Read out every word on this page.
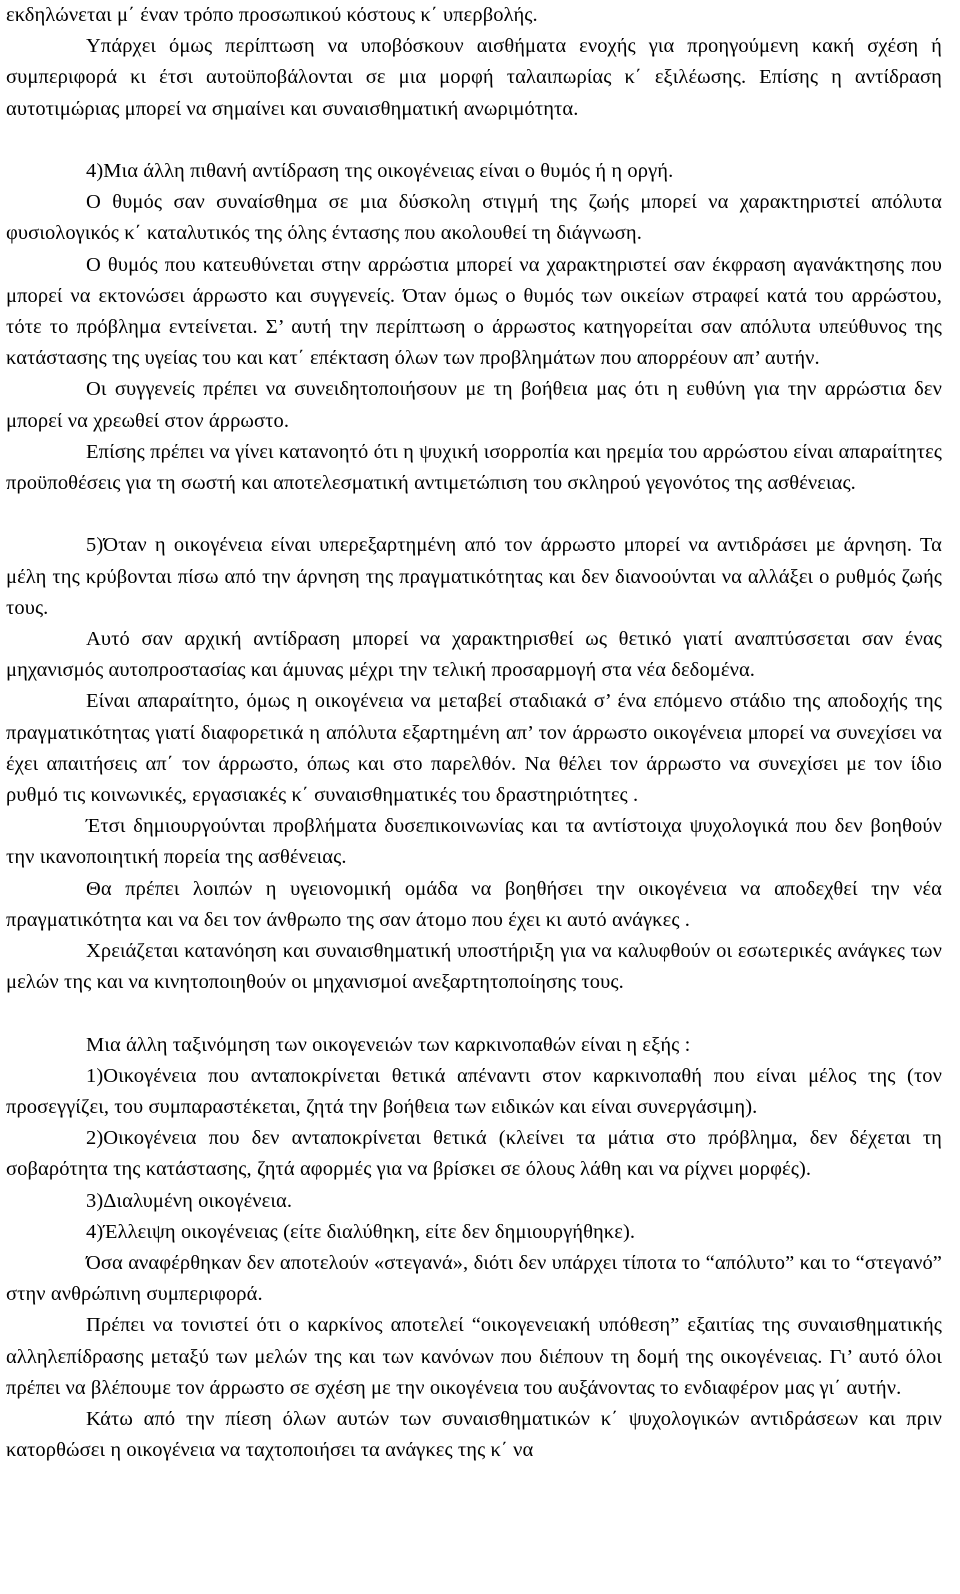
εκδηλώνεται μ΄ έναν τρόπο προσωπικού κόστους κ΄ υπερβολής.

Υπάρχει όμως περίπτωση να υποβόσκουν αισθήματα ενοχής για προηγούμενη κακή σχέση ή συμπεριφορά κι έτσι αυτοϋποβάλονται σε μια μορφή ταλαιπωρίας κ΄ εξιλέωσης. Επίσης η αντίδραση αυτοτιμώριας μπορεί να σημαίνει και συναισθηματική ανωριμότητα.

4)Μια άλλη πιθανή αντίδραση της οικογένειας είναι ο θυμός ή η οργή.

Ο θυμός σαν συναίσθημα σε μια δύσκολη στιγμή της ζωής μπορεί να χαρακτηριστεί απόλυτα φυσιολογικός κ΄ καταλυτικός της όλης έντασης που ακολουθεί τη διάγνωση.

Ο θυμός που κατευθύνεται στην αρρώστια μπορεί να χαρακτηριστεί σαν έκφραση αγανάκτησης που μπορεί να εκτονώσει άρρωστο και συγγενείς. Όταν όμως ο θυμός των οικείων στραφεί κατά του αρρώστου, τότε το πρόβλημα εντείνεται. Σ’ αυτή την περίπτωση ο άρρωστος κατηγορείται σαν απόλυτα υπεύθυνος της κατάστασης της υγείας του και κατ΄ επέκταση όλων των προβλημάτων που απορρέουν απ’ αυτήν.

Οι συγγενείς πρέπει να συνειδητοποιήσουν με τη βοήθεια μας ότι η ευθύνη για την αρρώστια δεν μπορεί να χρεωθεί στον άρρωστο.

Επίσης πρέπει να γίνει κατανοητό ότι η ψυχική ισορροπία και ηρεμία του αρρώστου είναι απαραίτητες προϋποθέσεις για τη σωστή και αποτελεσματική αντιμετώπιση του σκληρού γεγονότος της ασθένειας.

5)Όταν η οικογένεια είναι υπερεξαρτημένη από τον άρρωστο μπορεί να αντιδράσει με άρνηση. Τα μέλη της κρύβονται πίσω από την άρνηση της πραγματικότητας και δεν διανοούνται να αλλάξει ο ρυθμός ζωής τους.

Αυτό σαν αρχική αντίδραση μπορεί να χαρακτηρισθεί ως θετικό γιατί αναπτύσσεται σαν ένας μηχανισμός αυτοπροστασίας και άμυνας μέχρι την τελική προσαρμογή στα νέα δεδομένα.

Είναι απαραίτητο, όμως η οικογένεια να μεταβεί σταδιακά σ’ ένα επόμενο στάδιο της αποδοχής της πραγματικότητας γιατί διαφορετικά η απόλυτα εξαρτημένη απ’ τον άρρωστο οικογένεια μπορεί να συνεχίσει να έχει απαιτήσεις απ΄ τον άρρωστο, όπως και στο παρελθόν. Να θέλει τον άρρωστο να συνεχίσει με τον ίδιο ρυθμό τις κοινωνικές, εργασιακές κ΄ συναισθηματικές του δραστηριότητες .

Έτσι δημιουργούνται προβλήματα δυσεπικοινωνίας και τα αντίστοιχα ψυχολογικά που δεν βοηθούν την ικανοποιητική πορεία της ασθένειας.

Θα πρέπει λοιπών η υγειονομική ομάδα να βοηθήσει την οικογένεια να αποδεχθεί την νέα πραγματικότητα και να δει τον άνθρωπο της σαν άτομο που έχει κι αυτό ανάγκες .

Χρειάζεται κατανόηση και συναισθηματική υποστήριξη για να καλυφθούν οι εσωτερικές ανάγκες των μελών της και να κινητοποιηθούν οι μηχανισμοί ανεξαρτητοποίησης τους.

Μια άλλη ταξινόμηση των οικογενειών των καρκινοπαθών είναι η εξής :

1)Οικογένεια που ανταποκρίνεται θετικά απέναντι στον καρκινοπαθή που είναι μέλος της (τον προσεγγίζει, του συμπαραστέκεται, ζητά την βοήθεια των ειδικών και είναι συνεργάσιμη).

2)Οικογένεια που δεν ανταποκρίνεται θετικά (κλείνει τα μάτια στο πρόβλημα, δεν δέχεται τη σοβαρότητα της κατάστασης, ζητά αφορμές για να βρίσκει σε όλους λάθη και να ρίχνει μορφές).

3)Διαλυμένη οικογένεια.

4)Έλλειψη οικογένειας (είτε διαλύθηκη, είτε δεν δημιουργήθηκε).

Όσα αναφέρθηκαν δεν αποτελούν «στεγανά», διότι δεν υπάρχει τίποτα το “απόλυτο” και το “στεγανό” στην ανθρώπινη συμπεριφορά.

Πρέπει να τονιστεί ότι ο καρκίνος αποτελεί “οικογενειακή υπόθεση” εξαιτίας της συναισθηματικής αλληλεπίδρασης μεταξύ των μελών της και των κανόνων που διέπουν τη δομή της οικογένειας. Γι’ αυτό όλοι πρέπει να βλέπουμε τον άρρωστο σε σχέση με την οικογένεια του αυξάνοντας το ενδιαφέρον μας γι΄ αυτήν.

Κάτω από την πίεση όλων αυτών των συναισθηματικών κ΄ ψυχολογικών αντιδράσεων και πριν κατορθώσει η οικογένεια να ταχτοποιήσει τα ανάγκες της κ΄ να
